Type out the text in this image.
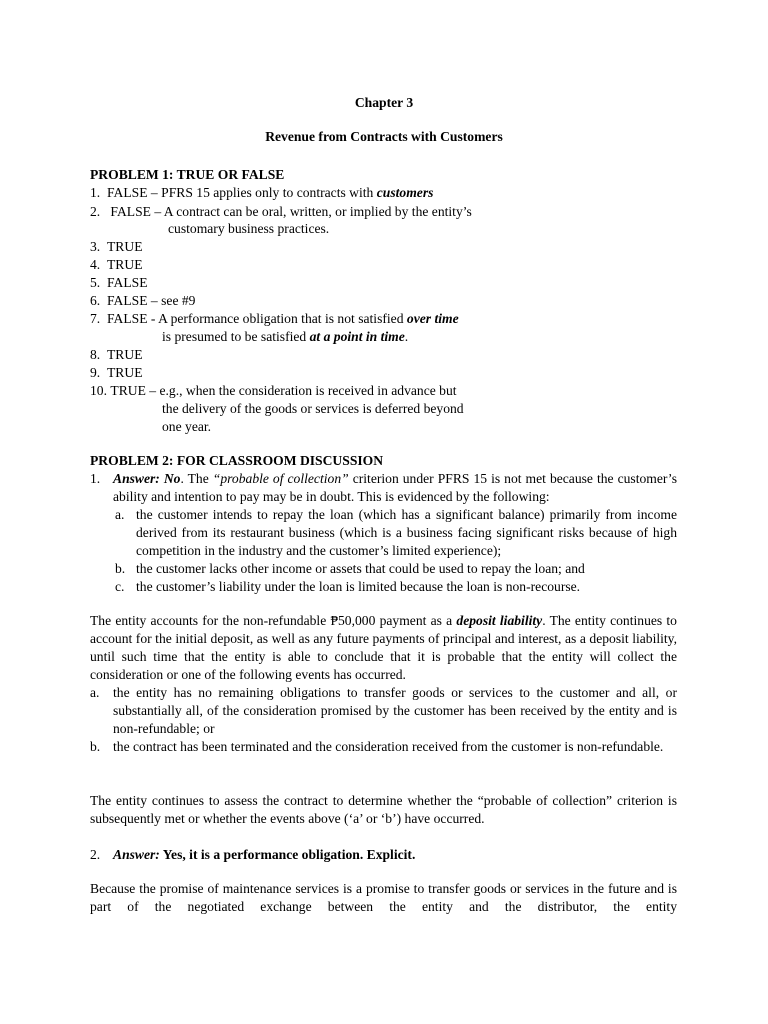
Chapter 3
Revenue from Contracts with Customers
PROBLEM 1: TRUE OR FALSE
1. FALSE – PFRS 15 applies only to contracts with customers
2. FALSE – A contract can be oral, written, or implied by the entity’s
customary business practices.
3. TRUE
4. TRUE
5. FALSE
6. FALSE – see #9
7. FALSE - A performance obligation that is not satisfied over time
is presumed to be satisfied at a point in time.
8. TRUE
9. TRUE
10. TRUE – e.g., when the consideration is received in advance but
the delivery of the goods or services is deferred beyond
one year.
PROBLEM 2: FOR CLASSROOM DISCUSSION
1. Answer: No. The “probable of collection” criterion under PFRS 15 is not met because the customer’s ability and intention to pay may be in doubt. This is evidenced by the following:
a. the customer intends to repay the loan (which has a significant balance) primarily from income derived from its restaurant business (which is a business facing significant risks because of high competition in the industry and the customer’s limited experience);
b. the customer lacks other income or assets that could be used to repay the loan; and
c. the customer’s liability under the loan is limited because the loan is non-recourse.
The entity accounts for the non-refundable ₱50,000 payment as a deposit liability. The entity continues to account for the initial deposit, as well as any future payments of principal and interest, as a deposit liability, until such time that the entity is able to conclude that it is probable that the entity will collect the consideration or one of the following events has occurred.
a. the entity has no remaining obligations to transfer goods or services to the customer and all, or substantially all, of the consideration promised by the customer has been received by the entity and is non-refundable; or
b. the contract has been terminated and the consideration received from the customer is non-refundable.
The entity continues to assess the contract to determine whether the “probable of collection” criterion is subsequently met or whether the events above (‘a’ or ‘b’) have occurred.
2. Answer: Yes, it is a performance obligation. Explicit.
Because the promise of maintenance services is a promise to transfer goods or services in the future and is part of the negotiated exchange between the entity and the distributor, the entity
